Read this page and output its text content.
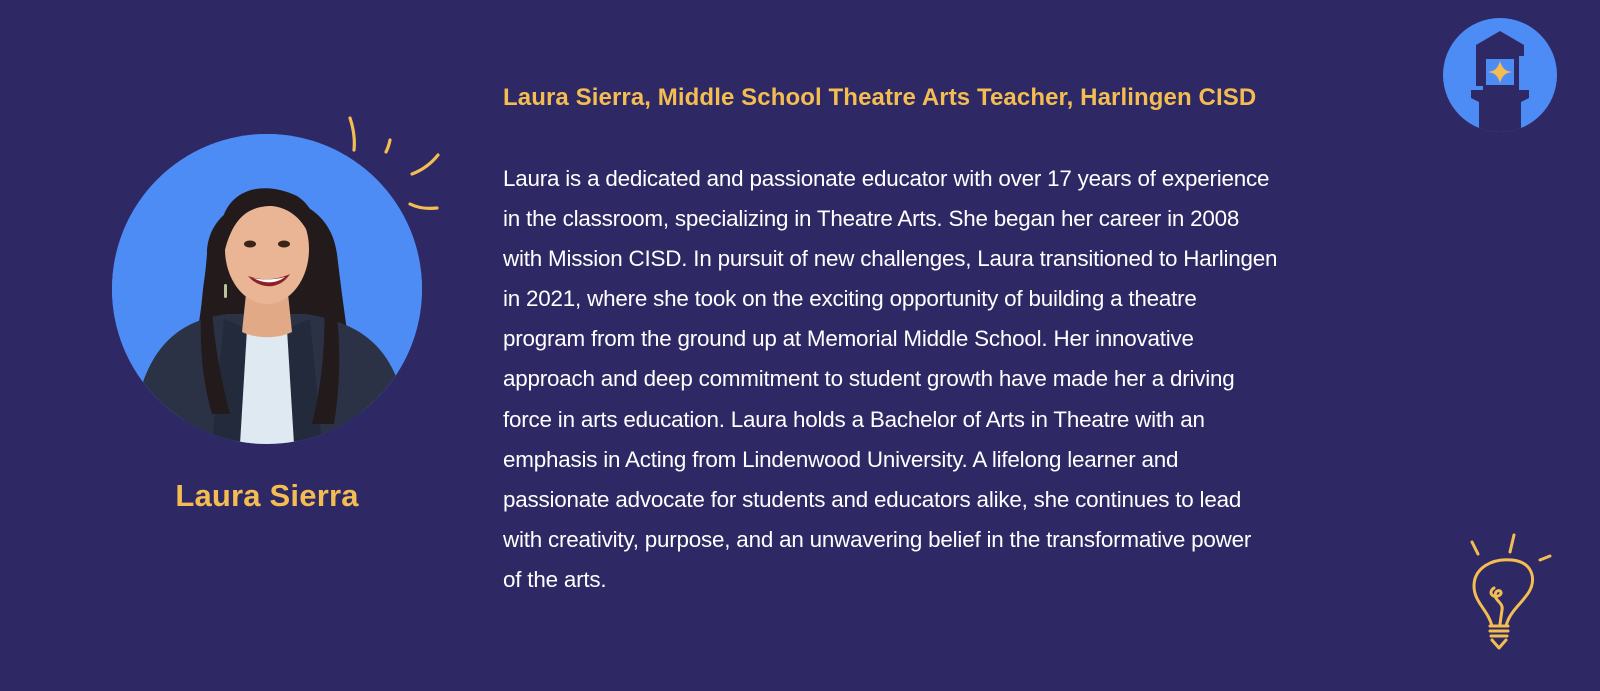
Laura Sierra
Laura Sierra, Middle School Theatre Arts Teacher, Harlingen CISD

Laura is a dedicated and passionate educator with over 17 years of experience
in the classroom, specializing in Theatre Arts. She began her career in 2008
with Mission CISD. In pursuit of new challenges, Laura transitioned to Harlingen
in 2021, where she took on the exciting opportunity of building a theatre
program from the ground up at Memorial Middle School. Her innovative
approach and deep commitment to student growth have made her a driving
force in arts education. Laura holds a Bachelor of Arts in Theatre with an
emphasis in Acting from Lindenwood University. A lifelong learner and
passionate advocate for students and educators alike, she continues to lead
with creativity, purpose, and an unwavering belief in the transformative power
of the arts.
